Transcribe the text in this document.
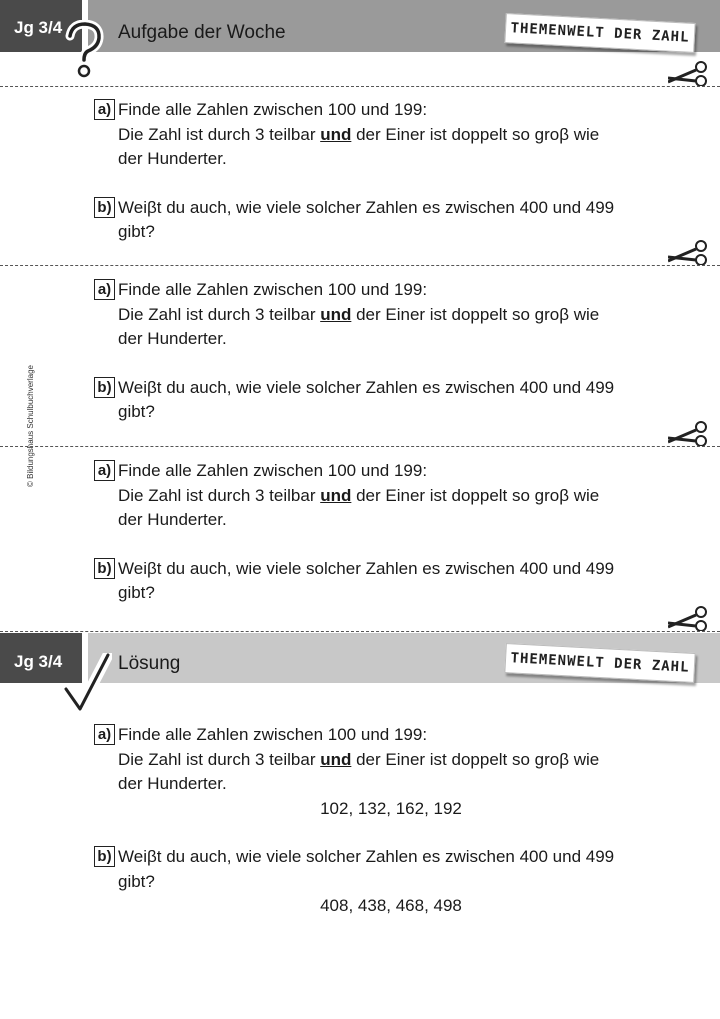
Jg 3/4	Aufgabe der Woche	THEMENWELT DER ZAHL
a) Finde alle Zahlen zwischen 100 und 199:
Die Zahl ist durch 3 teilbar und der Einer ist doppelt so groβ wie
der Hunderter.
b) Weiβt du auch, wie viele solcher Zahlen es zwischen 400 und 499
gibt?
a) Finde alle Zahlen zwischen 100 und 199:
Die Zahl ist durch 3 teilbar und der Einer ist doppelt so groβ wie
der Hunderter.
b) Weiβt du auch, wie viele solcher Zahlen es zwischen 400 und 499
gibt?
a) Finde alle Zahlen zwischen 100 und 199:
Die Zahl ist durch 3 teilbar und der Einer ist doppelt so groβ wie
der Hunderter.
b) Weiβt du auch, wie viele solcher Zahlen es zwischen 400 und 499
gibt?
Jg 3/4	Lösung	THEMENWELT DER ZAHL
a) Finde alle Zahlen zwischen 100 und 199:
Die Zahl ist durch 3 teilbar und der Einer ist doppelt so groβ wie
der Hunderter.
102, 132, 162, 192
b) Weiβt du auch, wie viele solcher Zahlen es zwischen 400 und 499
gibt?
408, 438, 468, 498
© Bildungshaus Schulbuchverlage
